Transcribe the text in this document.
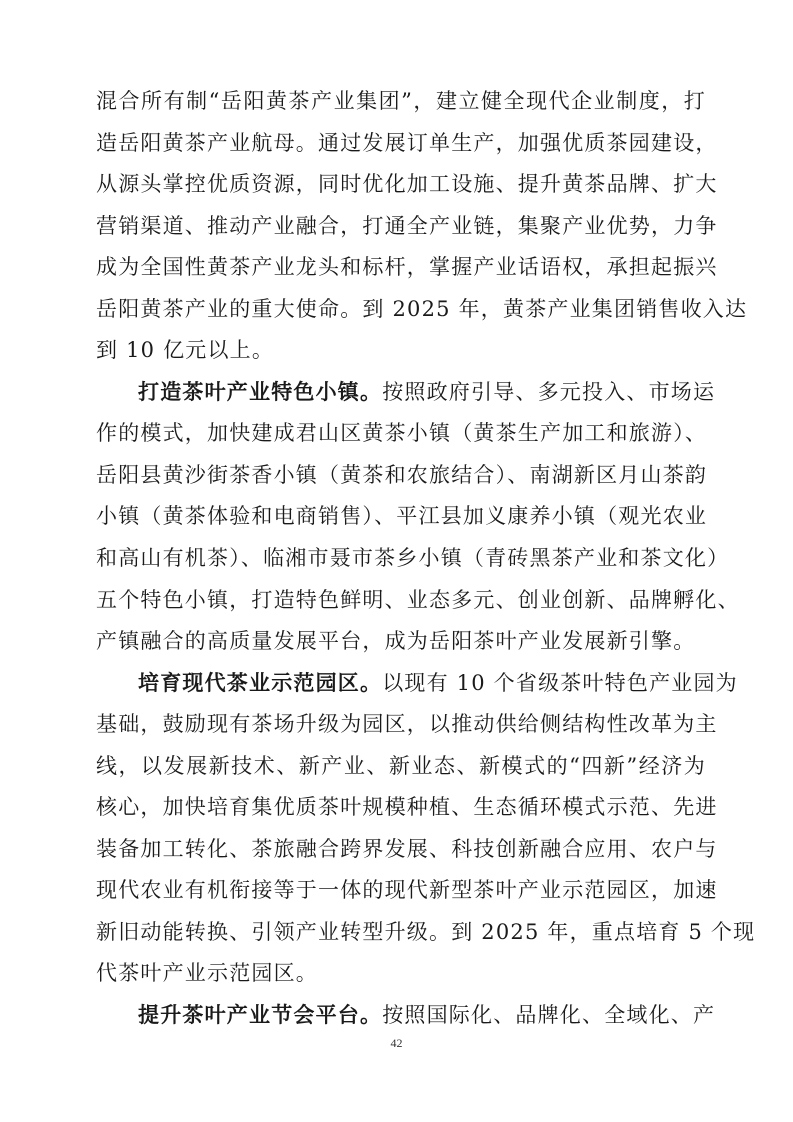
混合所有制“岳阳黄茶产业集团”，建立健全现代企业制度，打
造岳阳黄茶产业航母。通过发展订单生产，加强优质茶园建设，
从源头掌控优质资源，同时优化加工设施、提升黄茶品牌、扩大
营销渠道、推动产业融合，打通全产业链，集聚产业优势，力争
成为全国性黄茶产业龙头和标杆，掌握产业话语权，承担起振兴
岳阳黄茶产业的重大使命。到 2025 年，黄茶产业集团销售收入达
到 10 亿元以上。
打造茶叶产业特色小镇。按照政府引导、多元投入、市场运
作的模式，加快建成君山区黄茶小镇（黄茶生产加工和旅游）、
岳阳县黄沙街茶香小镇（黄茶和农旅结合）、南湖新区月山茶韵
小镇（黄茶体验和电商销售）、平江县加义康养小镇（观光农业
和高山有机茶）、临湘市聂市茶乡小镇（青砖黑茶产业和茶文化）
五个特色小镇，打造特色鲜明、业态多元、创业创新、品牌孵化、
产镇融合的高质量发展平台，成为岳阳茶叶产业发展新引擎。
培育现代茶业示范园区。以现有 10 个省级茶叶特色产业园为
基础，鼓励现有茶场升级为园区，以推动供给侧结构性改革为主
线，以发展新技术、新产业、新业态、新模式的“四新”经济为
核心，加快培育集优质茶叶规模种植、生态循环模式示范、先进
装备加工转化、茶旅融合跨界发展、科技创新融合应用、农户与
现代农业有机衔接等于一体的现代新型茶叶产业示范园区，加速
新旧动能转换、引领产业转型升级。到 2025 年，重点培育 5 个现
代茶叶产业示范园区。
提升茶叶产业节会平台。按照国际化、品牌化、全域化、产
42
